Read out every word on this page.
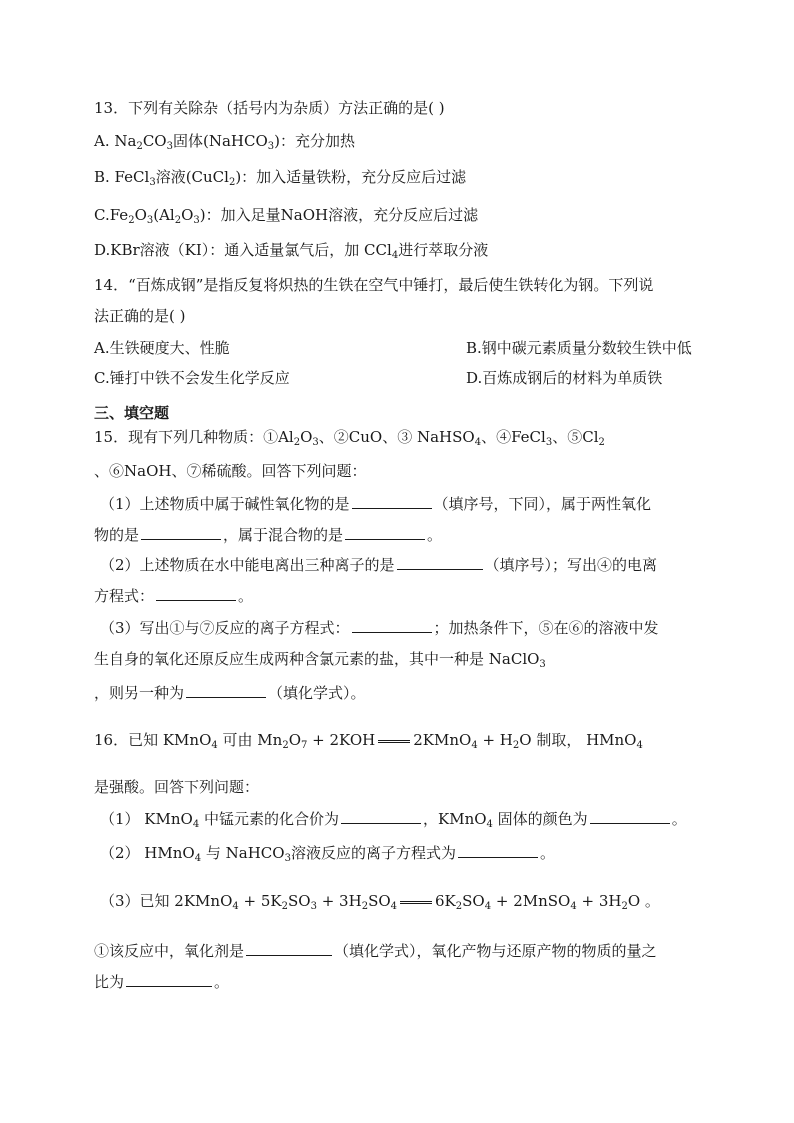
13．下列有关除杂（括号内为杂质）方法正确的是( )
A. $Na_2CO_3$固体(NaHCO$_3$)：充分加热
B. FeCl$_3$溶液(CuCl$_2$)：加入适量铁粉，充分反应后过滤
$C.Fe_2O_3(Al_2O_3)$：加入足量NaOH溶液，充分反应后过滤
D.KBr溶液（KI）：通入适量氯气后，加 CCl$_4$进行萃取分液
14．“百炼成钢”是指反复将炽热的生铁在空气中锤打，最后使生铁转化为钢。下列说
法正确的是( )
A.生铁硬度大、性脆	B.钢中碳元素质量分数较生铁中低
C.锤打中铁不会发生化学反应	D.百炼成钢后的材料为单质铁
三、填空题
15．现有下列几种物质：$①Al_2O_3$、②CuO、③ NaHSO$_4$、④FeCl$_3$、$⑤Cl_2$
、⑥NaOH、⑦稀硫酸。回答下列问题：
（1）上述物质中属于碱性氧化物的是	（填序号，下同），属于两性氧化
物的是	，属于混合物的是	。
（2）上述物质在水中能电离出三种离子的是	（填序号）；写出④的电离
方程式：	。
（3）写出①与⑦反应的离子方程式：	；加热条件下，⑤在⑥的溶液中发
生自身的氧化还原反应生成两种含氯元素的盐，其中一种是 NaClO$_3$
，则另一种为	（填化学式）。
16．已知 KMnO$_4$ 可由 $Mn_2O_7 + 2KOH$	2KMnO$_4$ + $H_2O$ 制取， HMnO$_4$
是强酸。回答下列问题：
（1） KMnO$_4$ 中锰元素的化合价为	，KMnO$_4$ 固体的颜色为	。
（2） HMnO$_4$ 与 NaHCO$_3$溶液反应的离子方程式为	。
（3）已知 2KMnO$_4$ + $5K_2SO_3 + 3H_2SO_4$	$6K_2SO_4$ + 2MnSO$_4$ + $3H_2O$ 。
①该反应中，氧化剂是	（填化学式），氧化产物与还原产物的物质的量之
比为	。
